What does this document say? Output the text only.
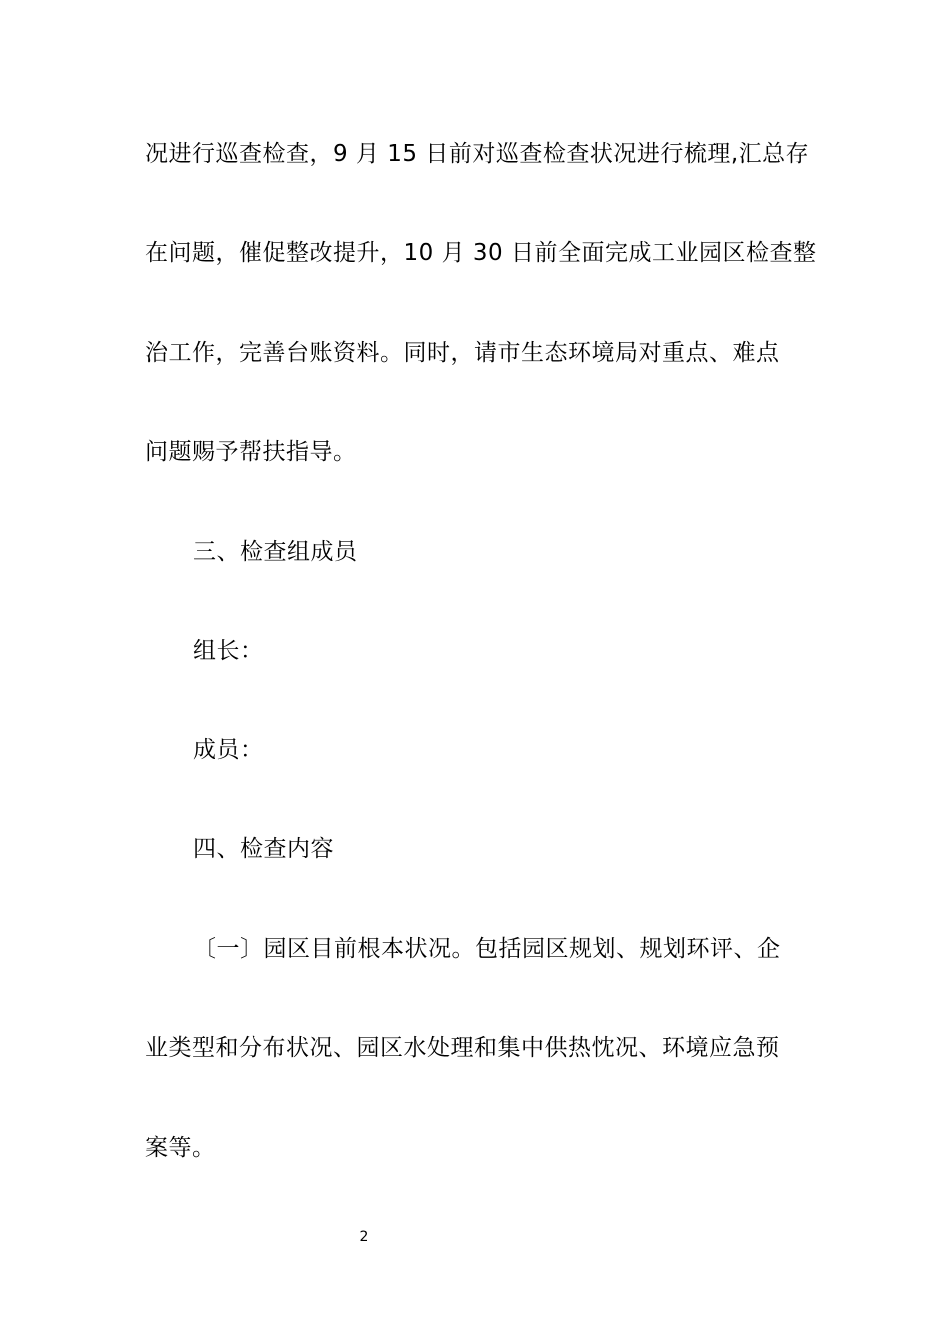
况进行巡查检查，9 月 15 日前对巡查检查状况进行梳理,汇总存
在问题，催促整改提升，10 月 30 日前全面完成工业园区检查整
治工作，完善台账资料。同时，请市生态环境局对重点、难点
问题赐予帮扶指导。
三、检查组成员
组长：
成员：
四、检查内容
〔一〕园区目前根本状况。包括园区规划、规划环评、企
业类型和分布状况、园区水处理和集中供热忱况、环境应急预
案等。
2
